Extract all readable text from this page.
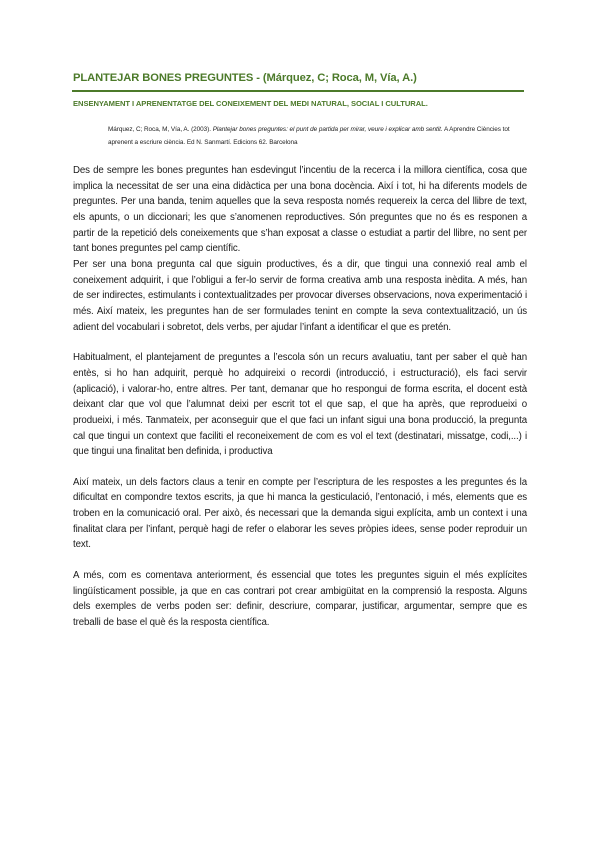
PLANTEJAR BONES PREGUNTES - (Márquez, C; Roca, M, Vía, A.)
ENSENYAMENT I APRENENTATGE DEL CONEIXEMENT DEL MEDI NATURAL, SOCIAL I CULTURAL.
Márquez, C; Roca, M, Vía, A. (2003). Plantejar bones preguntes: el punt de partida per mirar, veure i explicar amb sentit. A Aprendre Ciències tot aprenent a escriure ciència. Ed N. Sanmartí. Edicions 62. Barcelona

Des de sempre les bones preguntes han esdevingut l’incentiu de la recerca i la millora científica, cosa que implica la necessitat de ser una eina didàctica per una bona docència. Així i tot, hi ha diferents models de preguntes. Per una banda, tenim aquelles que la seva resposta només requereix la cerca del llibre de text, els apunts, o un diccionari; les que s’anomenen reproductives. Són preguntes que no és es responen a partir de la repetició dels coneixements que s’han exposat a classe o estudiat a partir del llibre, no sent per tant bones preguntes pel camp científic.

Per ser una bona pregunta cal que siguin productives, és a dir, que tingui una connexió real amb el coneixement adquirit, i que l’obligui a fer-lo servir de forma creativa amb una resposta inèdita. A més, han de ser indirectes, estimulants i contextualitzades per provocar diverses observacions, nova experimentació i més. Així mateix, les preguntes han de ser formulades tenint en compte la seva contextualització, un ús adient del vocabulari i sobretot, dels verbs, per ajudar l’infant a identificar el que es pretén.

Habitualment, el plantejament de preguntes a l’escola són un recurs avaluatiu, tant per saber el què han entès, si ho han adquirit, perquè ho adquireixi o recordi (introducció, i estructuració), els faci servir (aplicació), i valorar-ho, entre altres. Per tant, demanar que ho respongui de forma escrita, el docent està deixant clar que vol que l’alumnat deixi per escrit tot el que sap, el que ha après, que reprodueixi o produeixi, i més. Tanmateix, per aconseguir que el que faci un infant sigui una bona producció, la pregunta cal que tingui un context que faciliti el reconeixement de com es vol el text (destinatari, missatge, codi,...) i que tingui una finalitat ben definida, i productiva

Així mateix, un dels factors claus a tenir en compte per l’escriptura de les respostes a les preguntes és la dificultat en compondre textos escrits, ja que hi manca la gesticulació, l’entonació, i més, elements que es troben en la comunicació oral. Per això, és necessari que la demanda sigui explícita, amb un context i una finalitat clara per l’infant, perquè hagi de refer o elaborar les seves pròpies idees, sense poder reproduir un text.

A més, com es comentava anteriorment, és essencial que totes les preguntes siguin el més explícites lingüísticament possible, ja que en cas contrari pot crear ambigüitat en la comprensió la resposta. Alguns dels exemples de verbs poden ser: definir, descriure, comparar, justificar, argumentar, sempre que es treballi de base el què és la resposta científica.
